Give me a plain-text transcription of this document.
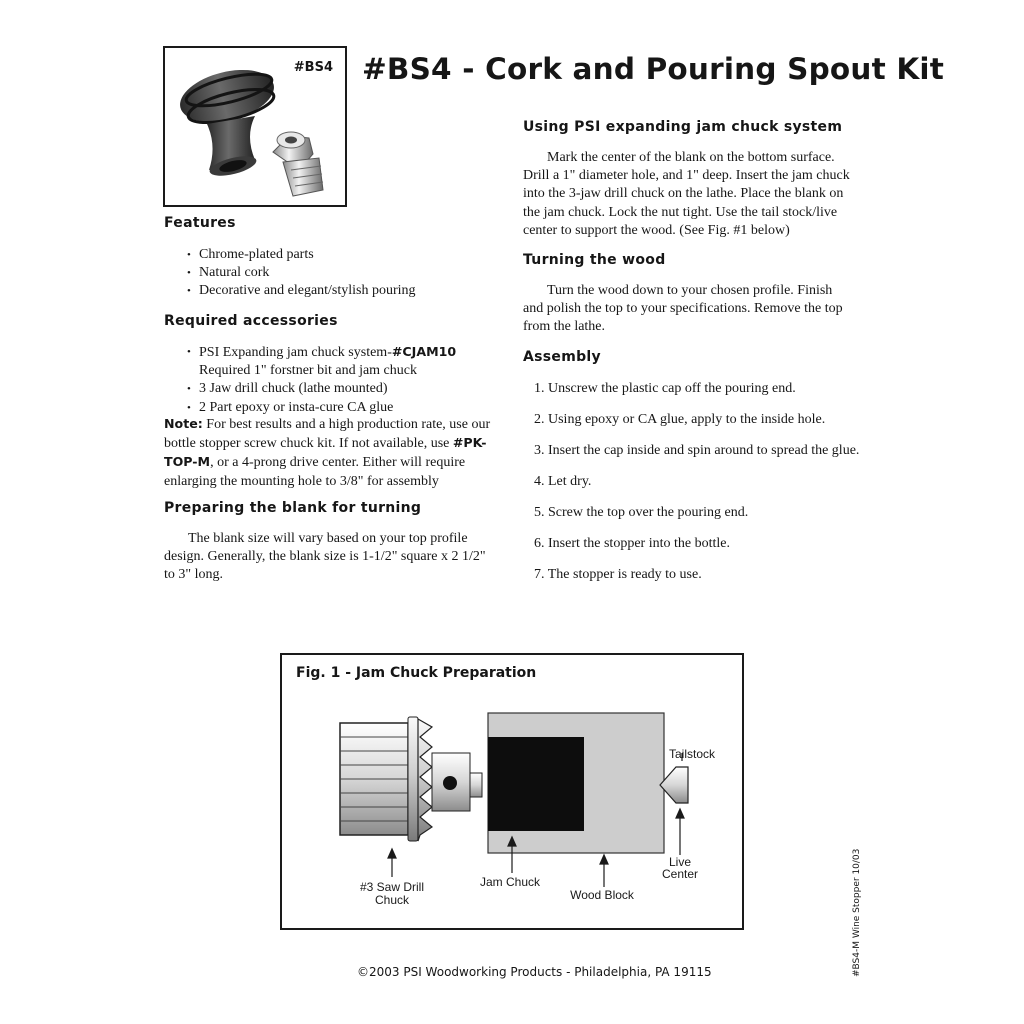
#BS4 #BS4 - Cork and Pouring Spout Kit
Features
• Chrome-plated parts
• Natural cork
• Decorative and elegant/stylish pouring
Required accessories
• PSI Expanding jam chuck system-#CJAM10
Required 1" forstner bit and jam chuck
• 3 Jaw drill chuck (lathe mounted)
• 2 Part epoxy or insta-cure CA glue
Note: For best results and a high production rate, use our bottle stopper screw chuck kit. If not available, use #PK-TOP-M, or a 4-prong drive center. Either will require enlarging the mounting hole to 3/8" for assembly
Preparing the blank for turning

The blank size will vary based on your top profile design. Generally, the blank size is 1-1/2" square x 2 1/2" to 3" long.

Using PSI expanding jam chuck system

Mark the center of the blank on the bottom surface. Drill a 1" diameter hole, and 1" deep. Insert the jam chuck into the 3-jaw drill chuck on the lathe. Place the blank on the jam chuck. Lock the nut tight. Use the tail stock/live center to support the wood. (See Fig. #1 below)

Turning the wood

Turn the wood down to your chosen profile. Finish and polish the top to your specifications. Remove the top from the lathe.

Assembly
1. Unscrew the plastic cap off the pouring end.
2. Using epoxy or CA glue, apply to the inside hole.
3. Insert the cap inside and spin around to spread the glue.
4. Let dry.
5. Screw the top over the pouring end.
6. Insert the stopper into the bottle.
7. The stopper is ready to use.
Fig. 1 - Jam Chuck Preparation
Tailstock
Live
Center
Jam Chuck
Wood Block
#3 Saw Drill
Chuck	#BS4-M Wine Stopper 10/03
©2003 PSI Woodworking Products - Philadelphia, PA 19115
